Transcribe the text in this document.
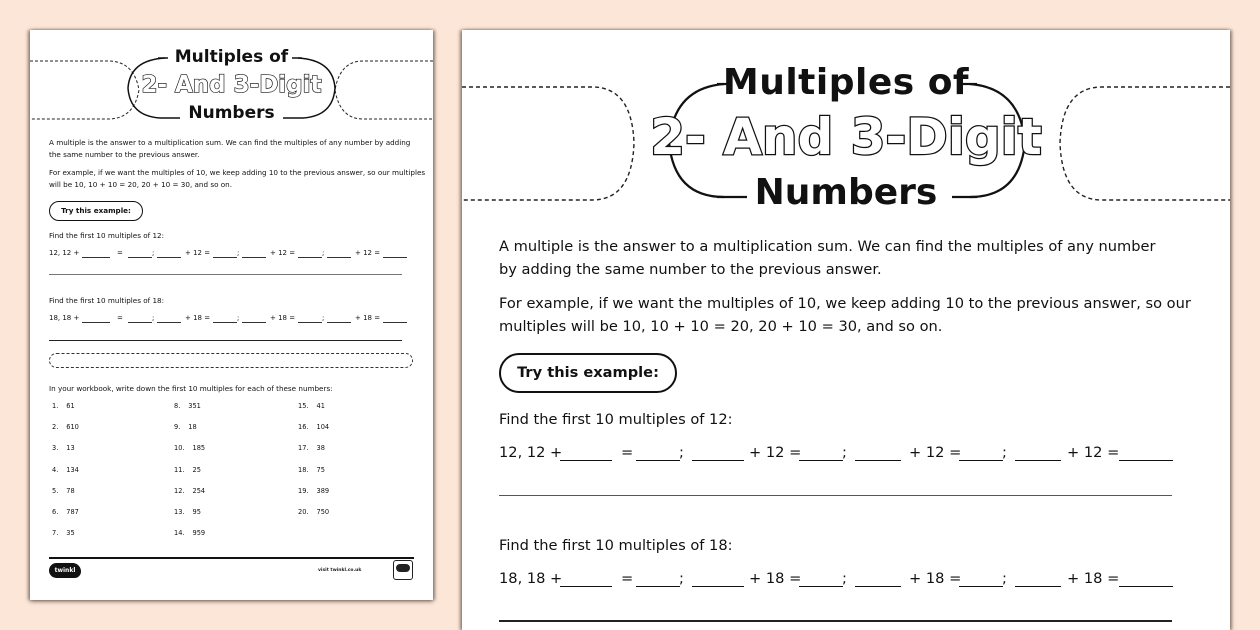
Multiples of
2- And 3-Digit
Numbers
A multiple is the answer to a multiplication sum. We can find the multiples of any number by adding the same number to the previous answer.
For example, if we want the multiples of 10, we keep adding 10 to the previous answer, so our multiples will be 10, 10 + 10 = 20, 20 + 10 = 30, and so on.
Try this example:
Find the first 10 multiples of 12:
12, 12 +	=	;	+ 12 =	;	+ 12 =	;	+ 12 =
Find the first 10 multiples of 18:
18, 18 +	=	;	+ 18 =	;	+ 18 =	;	+ 18 =
In your workbook, write down the first 10 multiples for each of these numbers:
1. 61
2. 610
3. 13
4. 134
5. 78
6. 787
7. 35
8. 351
9. 18
10. 185
11. 25
12. 254
13. 95
14. 959
15. 41
16. 104
17. 38
18. 75
19. 389
20. 750
twinkl	visit twinkl.co.uk
Multiples of
2- And 3-Digit
Numbers
A multiple is the answer to a multiplication sum. We can find the multiples of any number
by adding the same number to the previous answer.
For example, if we want the multiples of 10, we keep adding 10 to the previous answer, so our
multiples will be 10, 10 + 10 = 20, 20 + 10 = 30, and so on.
Try this example:
Find the first 10 multiples of 12:
12, 12 +	=	;	+ 12 =	;	+ 12 =	;	+ 12 =
Find the first 10 multiples of 18:
18, 18 +	=	;	+ 18 =	;	+ 18 =	;	+ 18 =
